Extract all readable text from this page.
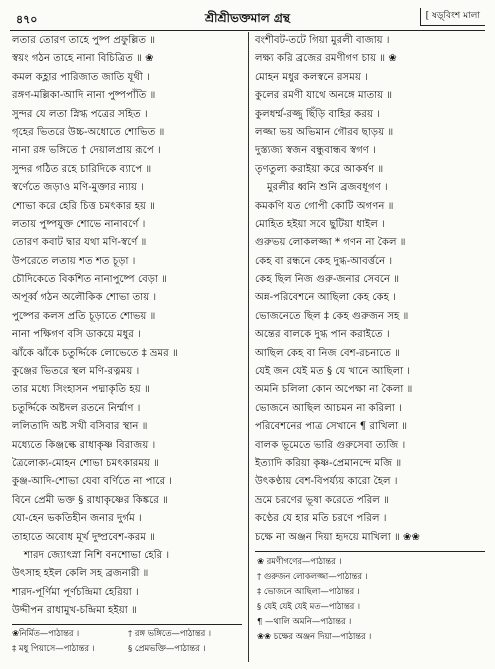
৪৭০	শ্রীশ্রীভক্তমাল গ্রন্থ	[ ষড়্‌বিংশ মালা
লতার তোরণ তাহে পুষ্প প্রফুল্লিত ॥
স্বয়ং গঠন তাহে নানা বিচিত্রিত ॥ ❀
কমল কহ্লার পারিজাত জাতি যূথী ।
রঙ্গণ-মল্লিকা-আদি নানা পুষ্পপাঁতি ॥
সুন্দর যে লতা স্নিগ্ধ পত্রের সহিত ।
গৃহের ভিতরে উচ্চ-অধোতে শোভিত ॥
নানা রঙ্গ ভঙ্গিতে † দেয়ালপ্রায় রূপে ।
সুন্দর গঠিত রহে চারিদিকে ব্যাপে ॥
স্বর্ণেতে জড়াও মণি-মুক্তার ন্যায় ।
শোভা করে হেরি চিত্ত চমৎকার হয় ॥
লতায় পুষ্পযুক্ত শোভে নানাবর্ণে ।
তোরণ কবাট দ্বার যথা মণি-স্বর্ণে ॥
উপরেতে লতায় শত শত চূড়া ।
চৌদিকেতে বিকশিত নানাপুষ্পে বেড়া ॥
অপূর্ব্ব গঠন অলৌকিক শোভা তায় ।
পুষ্পের কলস প্রতি চূড়াতে শোভয় ॥
নানা পক্ষিগণ বসি ডাকয়ে মধুর ।
ঝাঁকে ঝাঁকে চতুর্দ্দিকে লোভেতে ‡ ভ্রমর ॥
কুঞ্জের ভিতরে স্থল মণি-রত্নময় ।
তার মধ্যে সিংহাসন পদ্মাকৃতি হয় ॥
চতুর্দ্দিকে অষ্টদল রতনে নির্ম্মাণ ।
ললিতাদি অষ্ট সখী বসিবার স্থান ॥
মধ্যেতে কিঞ্জল্কে রাধাকৃষ্ণ বিরাজয় ।
ত্রৈলোক্য-মোহন শোভা চমৎকারময় ॥
কুঞ্জ-আদি-শোভা যেবা বর্ণিতে না পারে ।
বিনে প্রেমী ভক্ত § রাধাকৃষ্ণের কিঙ্করে ॥
যো-হেন ভকতিহীন জনার দুর্গম ।
তাহাতে অবোধ মূর্খ দুষ্প্রবেশ-করম ॥
শারদ জ্যোৎস্না নিশি বনশোভা হেরি ।
উৎসাহ হইল কেলি সহ ব্রজনারী ॥
শারদ-পূর্ণিমা পূর্ণচন্দ্রিমা হেরিয়া ।
উদ্দীপন রাধামুখ-চন্দ্রিমা হইয়া ॥
বংশীবট-তটে গিয়া মুরলী বাজায় ।
লক্ষ্য করি ব্রজের রমণীগণ চায় ॥ ❀
মোহন মধুর কলস্বনে রসময় ।
কুলের রমণী যাথে অনঙ্গে মাতায় ॥
কুলধর্ম্ম-রজ্জু ছিঁড়ি বাহির করয় ।
লজ্জা ভয় অভিমান গৌরব ছাড়য় ॥
দুস্ত্যজ্য স্বজন বন্ধুবান্ধব স্বগণ ।
তৃণতুল্য করাইয়া করে আকর্ষণ ॥
মুরলীর ধ্বনি শুনি ব্রজবধূগণ ।
কমকণি যত গোপী কোটি অগণন ॥
মোহিত হইয়া সবে ছুটিয়া ধাইল ।
গুরুভয় লোকলজ্জা * গণন না কৈল ॥
কেহ বা রন্ধনে কেহ দুগ্ধ-আবর্ত্তনে ।
কেহ ছিল নিজ গুরু-জনার সেবনে ॥
অন্ন-পরিবেশনে আছিলা কেহ কেহ ।
ভোজনেতে ছিল ‡ কেহ গুরুজন সহ ॥
অন্তের বালকে দুগ্ধ পান করাইতে ।
আছিল কেহ বা নিজ বেশ-রচনাতে ॥
যেই জন যেই মত § যে খানে আছিলা ।
অমনি চলিলা কোন অপেক্ষা না কৈলা ॥
ভোজনে আছিল আচমন না করিলা ।
পরিবেশনের পাত্র সেখানে ¶ রাখিলা ॥
বালক ভূমেতে ভারি গুরুসেবা ত্যজি ।
ইত্যাদি করিয়া কৃষ্ণ-প্রেমানন্দে মজি ॥
উৎকণ্ঠায় বেশ-বিপর্য্যয় কারো হৈল ।
ভ্রমে চরণের ভূষা করেতে পরিল ॥
কণ্ঠের যে হার মতি চরণে পরিল ।
চক্ষে না অঞ্জন দিয়া হৃদয়ে মাখিলা ॥ ❀❀
❀নির্মিত—পাঠান্তর ।	† রঙ্গ ভঙ্গিতে—পাঠান্তর ।
‡ মধু পিয়াসে—পাঠান্তর ।	§ প্রেমভক্তি—পাঠান্তর ।
❀ রমণীগণের—পাঠান্তর ।
† গুরুজন লোকলজ্জা—পাঠান্তর ।
‡ ভোজনে আছিলা—পাঠান্তর ।
§ যেই যেই যেই মত—পাঠান্তর ।
¶ —থালি অমনি—পাঠান্তর ।
❀❀ চক্ষের অঞ্জন দিয়া—পাঠান্তর ।
